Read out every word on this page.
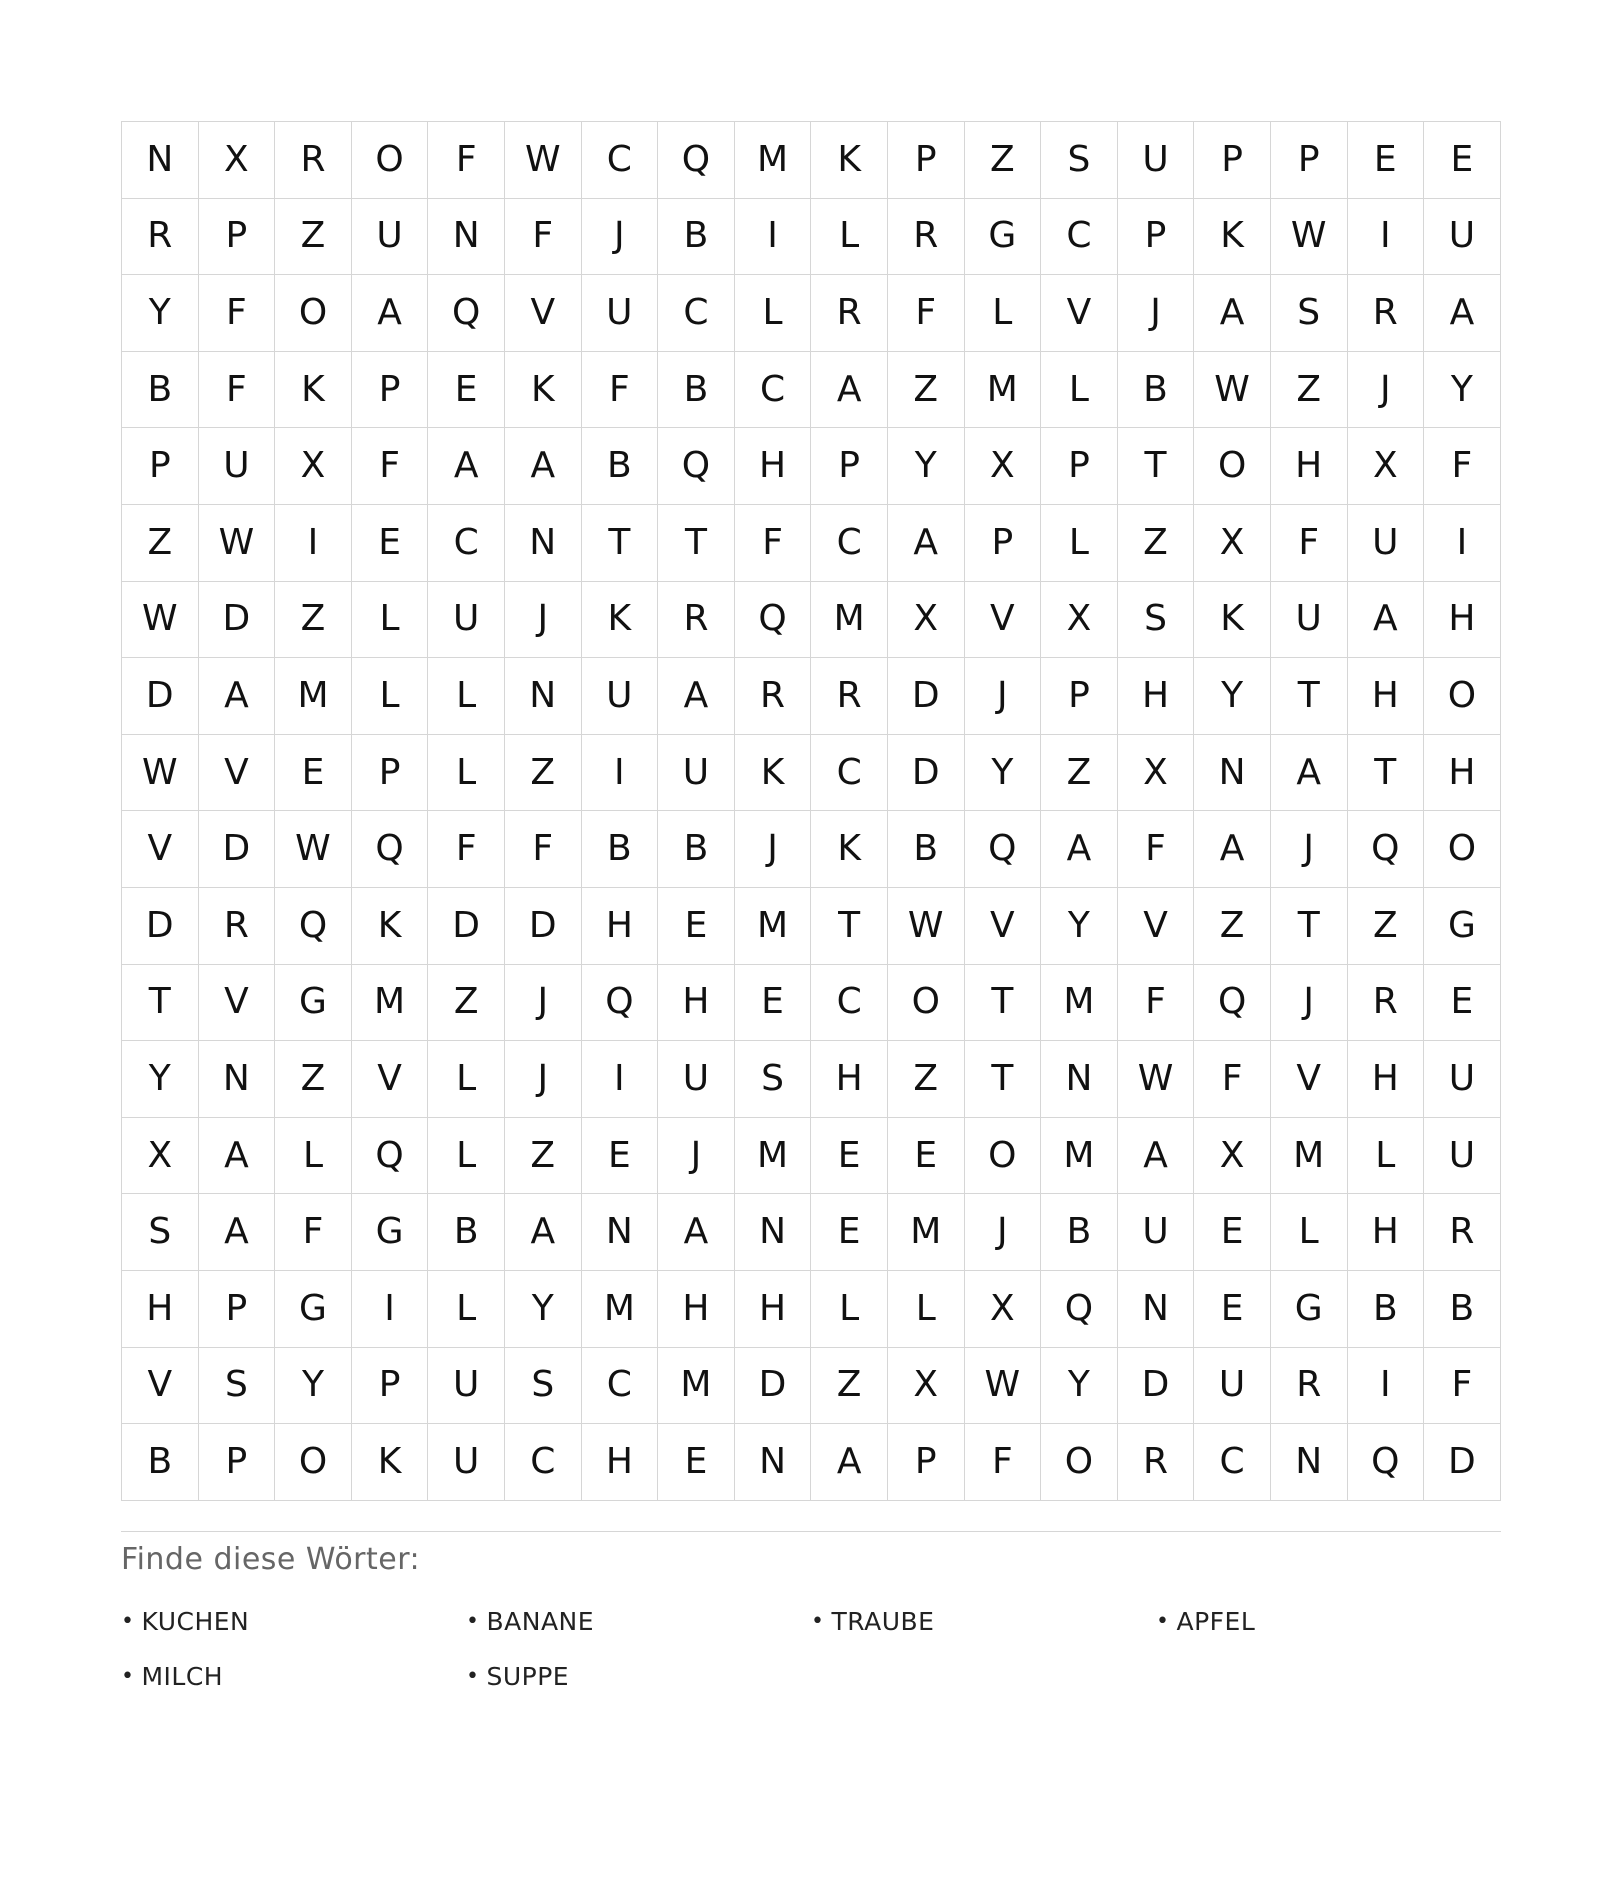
N	X	R	O	F	W	C	Q	M	K	P	Z	S	U	P	P	E	E
R	P	Z	U	N	F	J	B	I	L	R	G	C	P	K	W	I	U
Y	F	O	A	Q	V	U	C	L	R	F	L	V	J	A	S	R	A
B	F	K	P	E	K	F	B	C	A	Z	M	L	B	W	Z	J	Y
P	U	X	F	A	A	B	Q	H	P	Y	X	P	T	O	H	X	F
Z	W	I	E	C	N	T	T	F	C	A	P	L	Z	X	F	U	I
W	D	Z	L	U	J	K	R	Q	M	X	V	X	S	K	U	A	H
D	A	M	L	L	N	U	A	R	R	D	J	P	H	Y	T	H	O
W	V	E	P	L	Z	I	U	K	C	D	Y	Z	X	N	A	T	H
V	D	W	Q	F	F	B	B	J	K	B	Q	A	F	A	J	Q	O
D	R	Q	K	D	D	H	E	M	T	W	V	Y	V	Z	T	Z	G
T	V	G	M	Z	J	Q	H	E	C	O	T	M	F	Q	J	R	E
Y	N	Z	V	L	J	I	U	S	H	Z	T	N	W	F	V	H	U
X	A	L	Q	L	Z	E	J	M	E	E	O	M	A	X	M	L	U
S	A	F	G	B	A	N	A	N	E	M	J	B	U	E	L	H	R
H	P	G	I	L	Y	M	H	H	L	L	X	Q	N	E	G	B	B
V	S	Y	P	U	S	C	M	D	Z	X	W	Y	D	U	R	I	F
B	P	O	K	U	C	H	E	N	A	P	F	O	R	C	N	Q	D
Finde diese Wörter:
• KUCHEN	• BANANE	• TRAUBE	• APFEL
• MILCH	• SUPPE
